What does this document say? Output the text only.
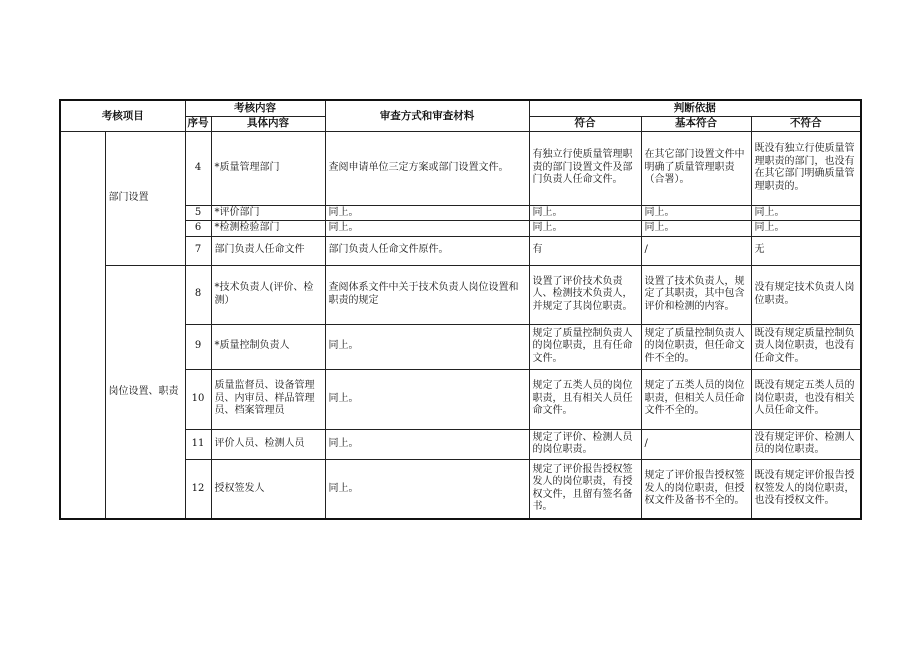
考核项目		考核内容		审查方式和审查材料	判断依据		
		序号	具体内容		符合	基本符合	不符合
	部门设置	4	*质量管理部门	查阅申请单位三定方案或部门设置文件。	有独立行使质量管理职责的部门设置文件及部门负责人任命文件。	在其它部门设置文件中明确了质量管理职责（合署）。	既没有独立行使质量管理职责的部门，也没有在其它部门明确质量管理职责的。
		5	*评价部门	同上。	同上。	同上。	同上。
		6	*检测检验部门	同上。	同上。	同上。	同上。
		7	部门负责人任命文件	部门负责人任命文件原件。	有	/	无
	岗位设置、职责	8	*技术负责人(评价、检测）	查阅体系文件中关于技术负责人岗位设置和职责的规定	设置了评价技术负责人、检测技术负责人，并规定了其岗位职责。	设置了技术负责人，规定了其职责，其中包含评价和检测的内容。	没有规定技术负责人岗位职责。
		9	*质量控制负责人	同上。	规定了质量控制负责人的岗位职责，且有任命文件。	规定了质量控制负责人的岗位职责，但任命文件不全的。	既没有规定质量控制负责人岗位职责，也没有任命文件。
		10	质量监督员、设备管理员、内审员、样品管理员、档案管理员	同上。	规定了五类人员的岗位职责，且有相关人员任命文件。	规定了五类人员的岗位职责，但相关人员任命文件不全的。	既没有规定五类人员的岗位职责，也没有相关人员任命文件。
		11	评价人员、检测人员	同上。	规定了评价、检测人员的岗位职责。	/	没有规定评价、检测人员的岗位职责。
		12	授权签发人	同上。	规定了评价报告授权签发人的岗位职责，有授权文件，且留有签名备书。	规定了评价报告授权签发人的岗位职责，但授权文件及备书不全的。	既没有规定评价报告授权签发人的岗位职责，也没有授权文件。
